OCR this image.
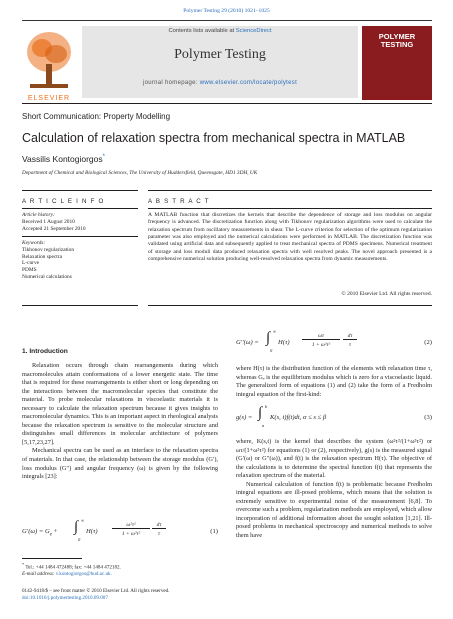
Polymer Testing 29 (2010) 1021–1025
ELSEVIER
Contents lists available at ScienceDirect
Polymer Testing
journal homepage: www.elsevier.com/locate/polytest
POLYMER
TESTING
Short Communication: Property Modelling
Calculation of relaxation spectra from mechanical spectra in MATLAB
Vassilis Kontogiorgos*
Department of Chemical and Biological Sciences, The University of Huddersfield, Queensgate, HD1 3DH, UK
A R T I C L E I N F O	A B S T R A C T
Article history:
Received 1 August 2010
Accepted 21 September 2010
Keywords:
Tikhonov regularization
Relaxation spectra
L-curve
PDMS
Numerical calculations
A MATLAB function that discretizes the kernels that describe the dependence of storage and loss modulus on angular frequency is advanced. The discretization function along with Tikhonov regularization algorithms were used to calculate the relaxation spectrum from oscillatory measurements in shear. The L-curve criterion for selection of the optimum regularization parameter was also employed and the numerical calculations were performed in MATLAB. The discretization function was validated using artificial data and subsequently applied to treat mechanical spectra of PDMS specimens. Numerical treatment of storage and loss moduli data produced relaxation spectra with well resolved peaks. The novel approach presented is a comprehensive numerical solution producing well-resolved relaxation spectra from dynamic measurements.
© 2010 Elsevier Ltd. All rights reserved.
1. Introduction

Relaxation occurs through chain rearrangements during which macromolecules attain conformations of a lower energetic state. The time that is required for these rearrangements is either short or long depending on the interactions between the macromolecular species that constitute the material. To probe molecular relaxations in viscoelastic materials it is necessary to calculate the relaxation spectrum because it gives insights to macromolecular dynamics. This is an important aspect in rheological analysis because the relaxation spectrum is sensitive to the molecular structure and distinguishes small differences in molecular architecture of polymers [5,17,23,27].

Mechanical spectra can be used as an interface to the relaxation spectra of materials. In that case, the relationship between the storage modulus (G′), loss modulus (G′′) and angular frequency (ω) is given by the following integrals [23]:

$G'(\omega) = G_e$ + ∫ ∞
0
H(τ)
ω²τ²
1 + ω²τ²
dτ
τ	(1)
* Tel.: +44 1484 472488; fax: +44 1484 472182.
E-mail address: v.kontogiorgos@hud.ac.uk.
0142-9418/$ – see front matter © 2010 Elsevier Ltd. All rights reserved.
doi:10.1016/j.polymertesting.2010.09.007
G′′(ω) = ∫ ∞
0
H(τ)
ωτ
1 + ω²τ²
dτ
τ	(2)

where H(τ) is the distribution function of the elements with relaxation time τ, whereas Gₑ is the equilibrium modulus which is zero for a viscoelastic liquid. The generalized form of equations (1) and (2) take the form of a Fredholm integral equation of the first-kind:

g(s) = ∫ b
a
K(s, t)f(t)dt, α ≤ s ≤ β	(3)

where, K(s,t) is the kernel that describes the system (ω²τ²/(1+ω²τ²) or ωτ/(1+ω²τ²) for equations (1) or (2), respectively), g(s) is the measured signal (G′(ω) or G′′(ω)), and f(t) is the relaxation spectrum H(τ). The objective of the calculations is to determine the spectral function f(t) that represents the relaxation spectrum of the material.

Numerical calculation of function f(t) is problematic because Fredholm integral equations are ill-posed problems, which means that the solution is extremely sensitive to experimental noise of the measurement [6,8]. To overcome such a problem, regularization methods are employed, which allow incorporation of additional information about the sought solution [1,21]. Ill-posed problems in mechanical spectroscopy and numerical methods to solve them have
